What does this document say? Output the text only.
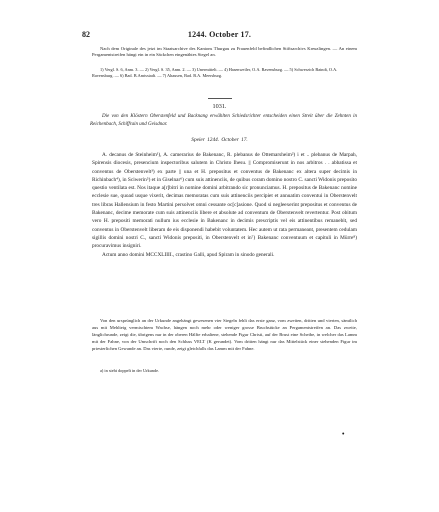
82	1244. October 17.

Nach dem Originale des jetzt im Staatsarchive des Kantons Thurgau zu Frauenfeld befindlichen Stiftsarchivs Kreuzlingen. — An einem Pergamentstreifen hängt ein in ein Säckchen eingenähtes Siegel an.

1) Vergl. S. 6, Anm. 3. — 2) Vergl. S. 35, Anm. 2. — 3) Unermittelt. — 4) Hasenweiler, O.A. Ravensburg. — 5) Schwerzich Baindt, O.A. Ravensburg. — 6) Bad. B.Amtsstadt. — 7) Ahausen, Bad. B.A. Meersburg.

1031.

Die von den Klöstern Oberstenfeld und Backnang erwählten Schiedsrichter entscheiden einen Streit über die Zehnten in Reichenbach, Schiffrain und Geisdnar.

Speier 1244. October 17.

A. decanus de Steinheim¹), A. camerarius de Bakenanc, R. plebanus de Ottemarsheim²) i et .. plebanus de Marpah, Spirensis diocesis, presencium inspectoribus salutem in Christo Ihesu. || Compromiserunt in nos arbitros . . abbatissa et conventus de Oberstenvelt³) ex parte || una et H. prepositus et conventus de Bakenanc ex altera super decimis in Richinbach⁴), in Sciwerin⁵) et in Giselnar⁶) cum suis attinenciis, de quibus coram domino nostro C. sancti Widonis preposito questio ventilata est. Nos itaque a[r]bitri in nomine domini arbitrando sic pronunciamus. H. prepositus de Bakenanc nomine ecclesie sue, quoad usque vixerit, decimas memoratas cum suis attinenciis percipiet et annuatim conventui in Oberstenvelt tres libras Hallensium in festo Martini persolvet omni cessante oc[c]asione. Quod si negleexerint prepositus et conventus de Bakenanc, decime memorate cum suis attinenciis libere et absolute ad conventum de Oberstenvelt revertentur. Post obitum vero H. prepositi memorati nullum ius ecclesie in Bakenanc in decimis prescriptis vel eis attinentibus remanebit, sed conventus in Oberstenvelt liberam de eis disponendi habebit voluntatem. Hec autem ut rata permaneant, presentem cedulam sigillis domini nostri C., sancti Widonis prepositi, in Oberstenvelt et in⁷) Bakenanc conventuum et capituli in Mürre⁸) procuravimus insigniri.

Actum anno domini MCCXLIIII., crastino Galli, apud Spiram in sinodo generali.

Von den ursprünglich an der Urkunde angehängt gewesenen vier Siegeln fehlt das erste ganz, vom zweiten, dritten und vierten, sämtlich aus mit Mehlteig vermischtem Wachse, hängen noch mehr oder weniger grosse Bruchstücke an Pergamentstreifen an. Das zweite, länglichrunde, zeigt die, übrigens nur in der oberen Hälfte erhaltene, stehende Figur Christi, auf der Brust eine Scheibe, in welcher das Lamm mit der Fahne, von der Umschrift noch den Schluss VELT (K gerundet). Vom dritten hängt nur das Mittelstück einer stehenden Figur im priesterlichen Gewande an. Das vierte, runde, zeigt gleichfalls das Lamm mit der Fahne.

a) in steht doppelt in der Urkunde.

•
